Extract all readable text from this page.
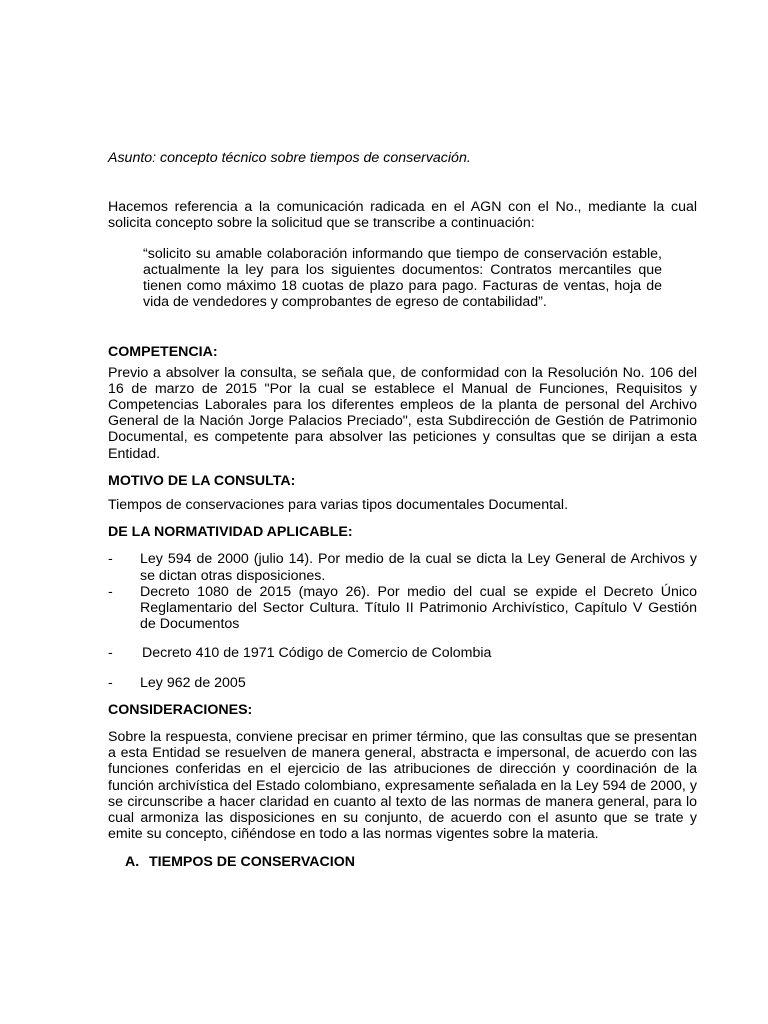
Asunto: concepto técnico sobre tiempos de conservación.

Hacemos referencia a la comunicación radicada en el AGN con el No., mediante la cual solicita concepto sobre la solicitud que se transcribe a continuación:

“solicito su amable colaboración informando que tiempo de conservación estable, actualmente la ley para los siguientes documentos: Contratos mercantiles que tienen como máximo 18 cuotas de plazo para pago. Facturas de ventas, hoja de vida de vendedores y comprobantes de egreso de contabilidad”.

COMPETENCIA:

Previo a absolver la consulta, se señala que, de conformidad con la Resolución No. 106 del 16 de marzo de 2015 "Por la cual se establece el Manual de Funciones, Requisitos y Competencias Laborales para los diferentes empleos de la planta de personal del Archivo General de la Nación Jorge Palacios Preciado", esta Subdirección de Gestión de Patrimonio Documental, es competente para absolver las peticiones y consultas que se dirijan a esta Entidad.

MOTIVO DE LA CONSULTA:

Tiempos de conservaciones para varias tipos documentales Documental.

DE LA NORMATIVIDAD APLICABLE:

- Ley 594 de 2000 (julio 14). Por medio de la cual se dicta la Ley General de Archivos y se dictan otras disposiciones.
- Decreto 1080 de 2015 (mayo 26). Por medio del cual se expide el Decreto Único Reglamentario del Sector Cultura. Título II Patrimonio Archivístico, Capítulo V Gestión de Documentos
- Decreto 410 de 1971 Código de Comercio de Colombia
- Ley 962 de 2005

CONSIDERACIONES:

Sobre la respuesta, conviene precisar en primer término, que las consultas que se presentan a esta Entidad se resuelven de manera general, abstracta e impersonal, de acuerdo con las funciones conferidas en el ejercicio de las atribuciones de dirección y coordinación de la función archivística del Estado colombiano, expresamente señalada en la Ley 594 de 2000, y se circunscribe a hacer claridad en cuanto al texto de las normas de manera general, para lo cual armoniza las disposiciones en su conjunto, de acuerdo con el asunto que se trate y emite su concepto, ciñéndose en todo a las normas vigentes sobre la materia.

A. TIEMPOS DE CONSERVACION
